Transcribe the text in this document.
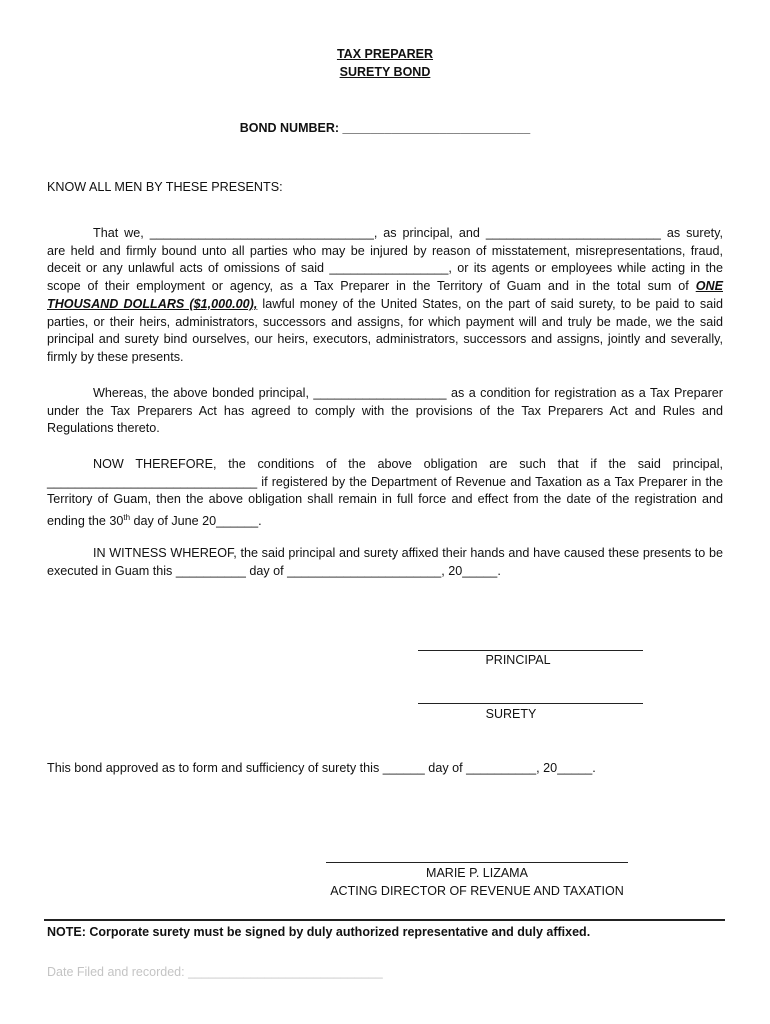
TAX PREPARER
SURETY BOND
BOND NUMBER: ___________________________
KNOW ALL MEN BY THESE PRESENTS:
That we, ________________________________, as principal, and _________________________ as surety, are held and firmly bound unto all parties who may be injured by reason of misstatement, misrepresentations, fraud, deceit or any unlawful acts of omissions of said _________________, or its agents or employees while acting in the scope of their employment or agency, as a Tax Preparer in the Territory of Guam and in the total sum of ONE THOUSAND DOLLARS ($1,000.00), lawful money of the United States, on the part of said surety, to be paid to said parties, or their heirs, administrators, successors and assigns, for which payment will and truly be made, we the said principal and surety bind ourselves, our heirs, executors, administrators, successors and assigns, jointly and severally, firmly by these presents.
Whereas, the above bonded principal, ___________________ as a condition for registration as a Tax Preparer under the Tax Preparers Act has agreed to comply with the provisions of the Tax Preparers Act and Rules and Regulations thereto.
NOW THEREFORE, the conditions of the above obligation are such that if the said principal, ______________________________ if registered by the Department of Revenue and Taxation as a Tax Preparer in the Territory of Guam, then the above obligation shall remain in full force and effect from the date of the registration and ending the 30th day of June 20______.
IN WITNESS WHEREOF, the said principal and surety affixed their hands and have caused these presents to be executed in Guam this __________ day of ______________________, 20_____.
PRINCIPAL
SURETY
This bond approved as to form and sufficiency of surety this ______ day of __________, 20_____.
MARIE P. LIZAMA
ACTING DIRECTOR OF REVENUE AND TAXATION
NOTE: Corporate surety must be signed by duly authorized representative and duly affixed.
Date Filed and recorded: ____________________________
